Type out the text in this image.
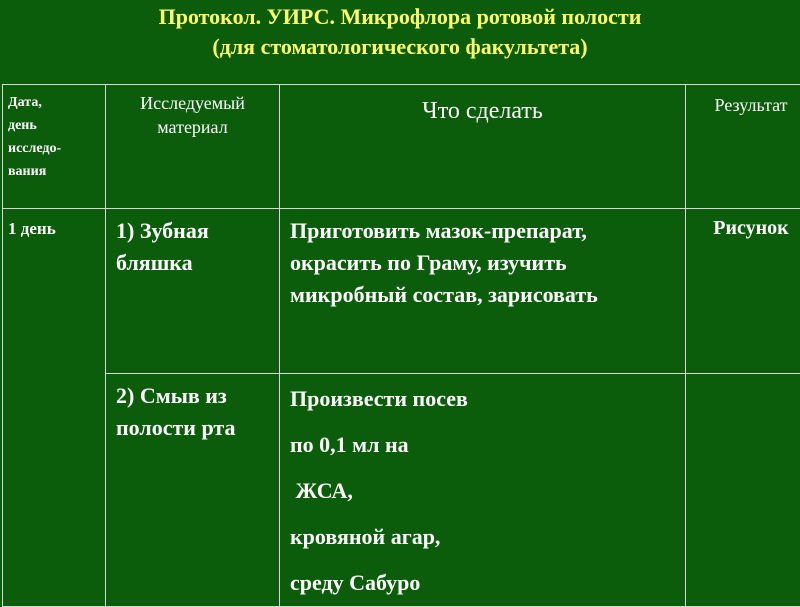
Протокол. УИРС. Микрофлора ротовой полости
(для стоматологического факультета)
Дата,
день
исследо-
вания	Исследуемый материал	Что сделать	Результат
1 день	1) Зубная бляшка	Приготовить мазок-препарат, окрасить по Граму, изучить микробный состав, зарисовать	Рисунок
	2) Смыв из полости рта	Произвести посев
по 0,1 мл на
ЖСА,
кровяной агар,
среду Сабуро	
